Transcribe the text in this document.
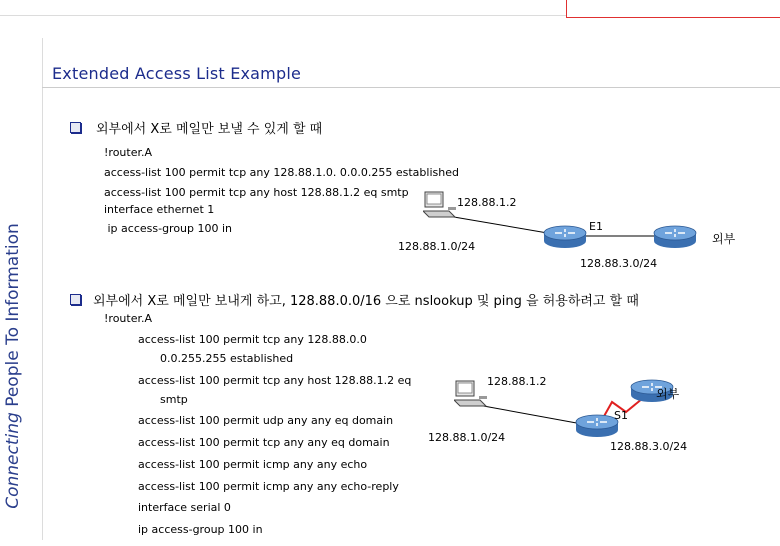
Connecting People To Information
Extended Access List Example
외부에서 X로 메일만 보낼 수 있게 할 때
!router.A
access-list 100 permit tcp any 128.88.1.0. 0.0.0.255 established
access-list 100 permit tcp any host 128.88.1.2 eq smtp
interface ethernet 1
ip access-group 100 in
128.88.1.2
E1
외부
128.88.1.0/24
128.88.3.0/24
외부에서 X로 메일만 보내게 하고, 128.88.0.0/16 으로 nslookup 및 ping 을 허용하려고 할 때
!router.A
access-list 100 permit tcp any 128.88.0.0
0.0.255.255 established
access-list 100 permit tcp any host 128.88.1.2 eq
smtp
access-list 100 permit udp any any eq domain
access-list 100 permit tcp any any eq domain
access-list 100 permit icmp any any echo
access-list 100 permit icmp any any echo-reply
interface serial 0
ip access-group 100 in
128.88.1.2
S1
외부
128.88.1.0/24
128.88.3.0/24
